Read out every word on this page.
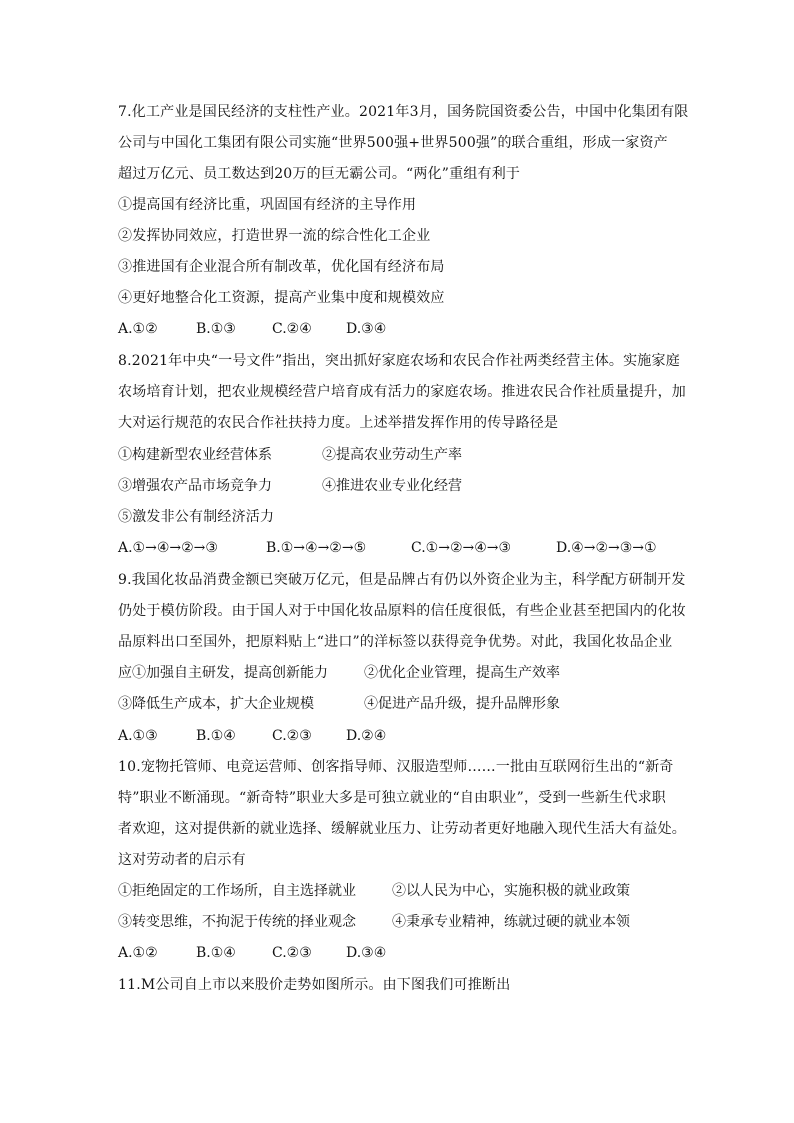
7.化工产业是国民经济的支柱性产业。2021年3月，国务院国资委公告，中国中化集团有限
公司与中国化工集团有限公司实施“世界500强+世界500强”的联合重组，形成一家资产
超过万亿元、员工数达到20万的巨无霸公司。“两化”重组有利于
①提高国有经济比重，巩固国有经济的主导作用
②发挥协同效应，打造世界一流的综合性化工企业
③推进国有企业混合所有制改革，优化国有经济布局
④更好地整合化工资源，提高产业集中度和规模效应
A.①②	B.①③	C.②④ D.③④
8.2021年中央“一号文件”指出，突出抓好家庭农场和农民合作社两类经营主体。实施家庭
农场培育计划，把农业规模经营户培育成有活力的家庭农场。推进农民合作社质量提升，加
大对运行规范的农民合作社扶持力度。上述举措发挥作用的传导路径是
①构建新型农业经营体系	②提高农业劳动生产率
③增强农产品市场竞争力	④推进农业专业化经营
⑤激发非公有制经济活力
A.①→④→②→③	B.①→④→②→⑤	C.①→②→④→③	D.④→②→③→①
9.我国化妆品消费金额已突破万亿元，但是品牌占有仍以外资企业为主，科学配方研制开发
仍处于模仿阶段。由于国人对于中国化妆品原料的信任度很低，有些企业甚至把国内的化妆
品原料出口至国外，把原料贴上“进口”的洋标签以获得竞争优势。对此，我国化妆品企业
应①加强自主研发，提高创新能力	②优化企业管理，提高生产效率
③降低生产成本，扩大企业规模	④促进产品升级，提升品牌形象
A.①③	B.①④	C.②③ D.②④
10.宠物托管师、电竞运营师、创客指导师、汉服造型师……一批由互联网衍生出的“新奇
特”职业不断涌现。“新奇特”职业大多是可独立就业的“自由职业”，受到一些新生代求职
者欢迎，这对提供新的就业选择、缓解就业压力、让劳动者更好地融入现代生活大有益处。
这对劳动者的启示有
①拒绝固定的工作场所，自主选择就业	②以人民为中心，实施积极的就业政策
③转变思维，不拘泥于传统的择业观念	④秉承专业精神，练就过硬的就业本领
A.①②	B.①④	C.②③ D.③④
11.M公司自上市以来股价走势如图所示。由下图我们可推断出
